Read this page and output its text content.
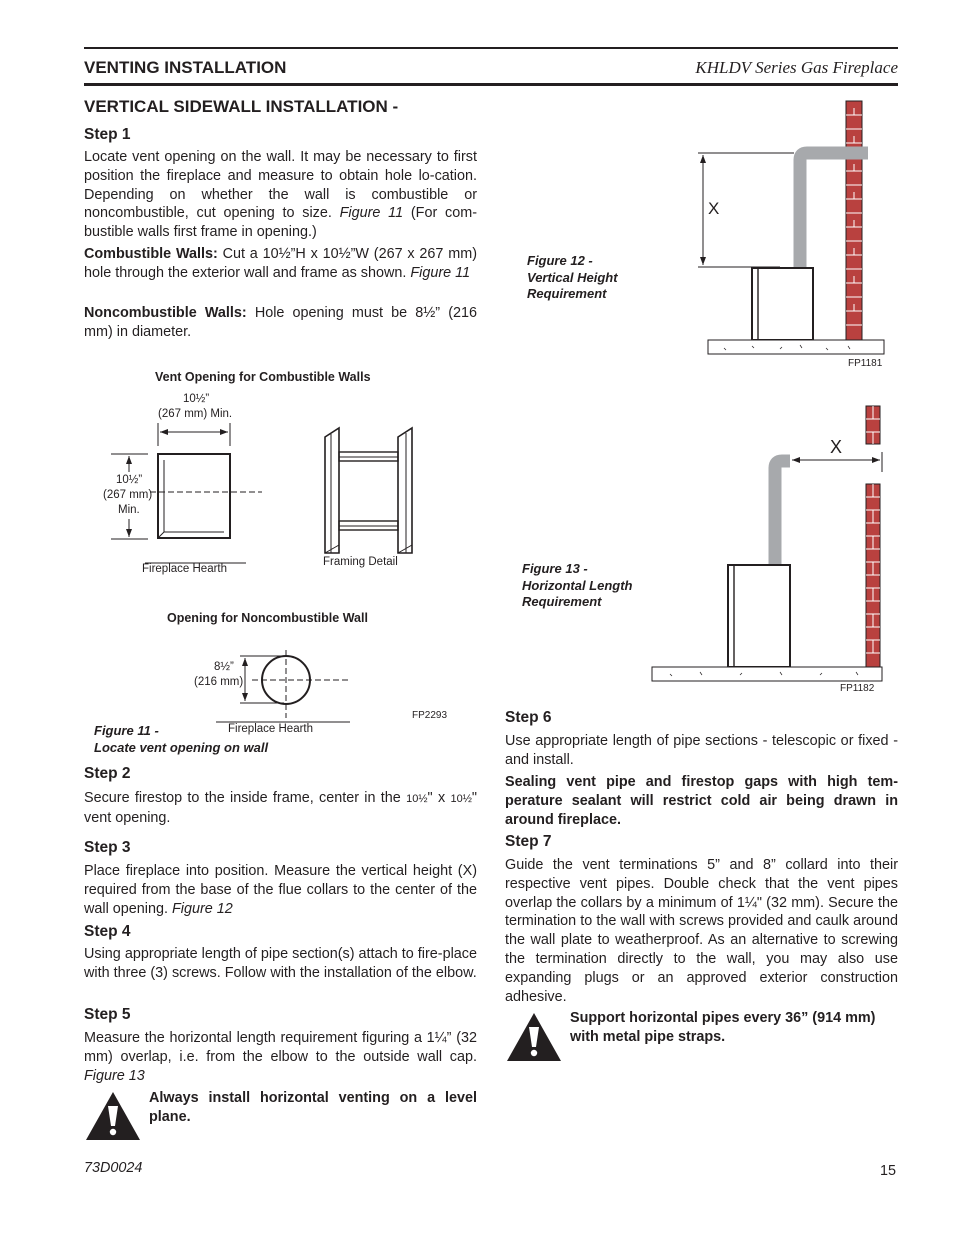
VENTING INSTALLATION	KHLDV Series Gas Fireplace
VERTICAL SIDEWALL INSTALLATION -
Step 1
Locate vent opening on the wall. It may be necessary to first position the fireplace and measure to obtain hole lo-cation. Depending on whether the wall is combustible or noncombustible, cut opening to size. Figure 11 (For com-bustible walls first frame in opening.)
Combustible Walls: Cut a 10½”H x 10½”W (267 x 267 mm) hole through the exterior wall and frame as shown. Figure 11
Noncombustible Walls: Hole opening must be 8½” (216 mm) in diameter.
Vent Opening for Combustible Walls
10½”
(267 mm) Min.
10½”
(267 mm)
Min.
Fireplace Hearth
Framing Detail
Opening for Noncombustible Wall
8½”
(216 mm)
Fireplace Hearth
FP2293
Figure 11 -
Locate vent opening on wall
Step 2
Secure firestop to the inside frame, center in the 10½" x 10½" vent opening.
Step 3
Place fireplace into position. Measure the vertical height (X) required from the base of the flue collars to the center of the wall opening. Figure 12
Step 4
Using appropriate length of pipe section(s) attach to fire-place with three (3) screws. Follow with the installation of the elbow.
Step 5
Measure the horizontal length requirement figuring a 1¼” (32 mm) overlap, i.e. from the elbow to the outside wall cap. Figure 13
Always install horizontal venting on a level plane.
Figure 12 -
Vertical Height
Requirement
X
FP1181
Figure 13 -
Horizontal Length
Requirement
X
FP1182
Step 6
Use appropriate length of pipe sections - telescopic or fixed - and install.
Sealing vent pipe and firestop gaps with high tem-perature sealant will restrict cold air being drawn in around fireplace.
Step 7
Guide the vent terminations 5” and 8” collard into their respective vent pipes. Double check that the vent pipes overlap the collars by a minimum of 1¼" (32 mm). Secure the termination to the wall with screws provided and caulk around the wall plate to weatherproof. As an alternative to screwing the termination directly to the wall, you may also use expanding plugs or an approved exterior construction adhesive.
Support horizontal pipes every 36” (914 mm) with metal pipe straps.
73D0024	15
